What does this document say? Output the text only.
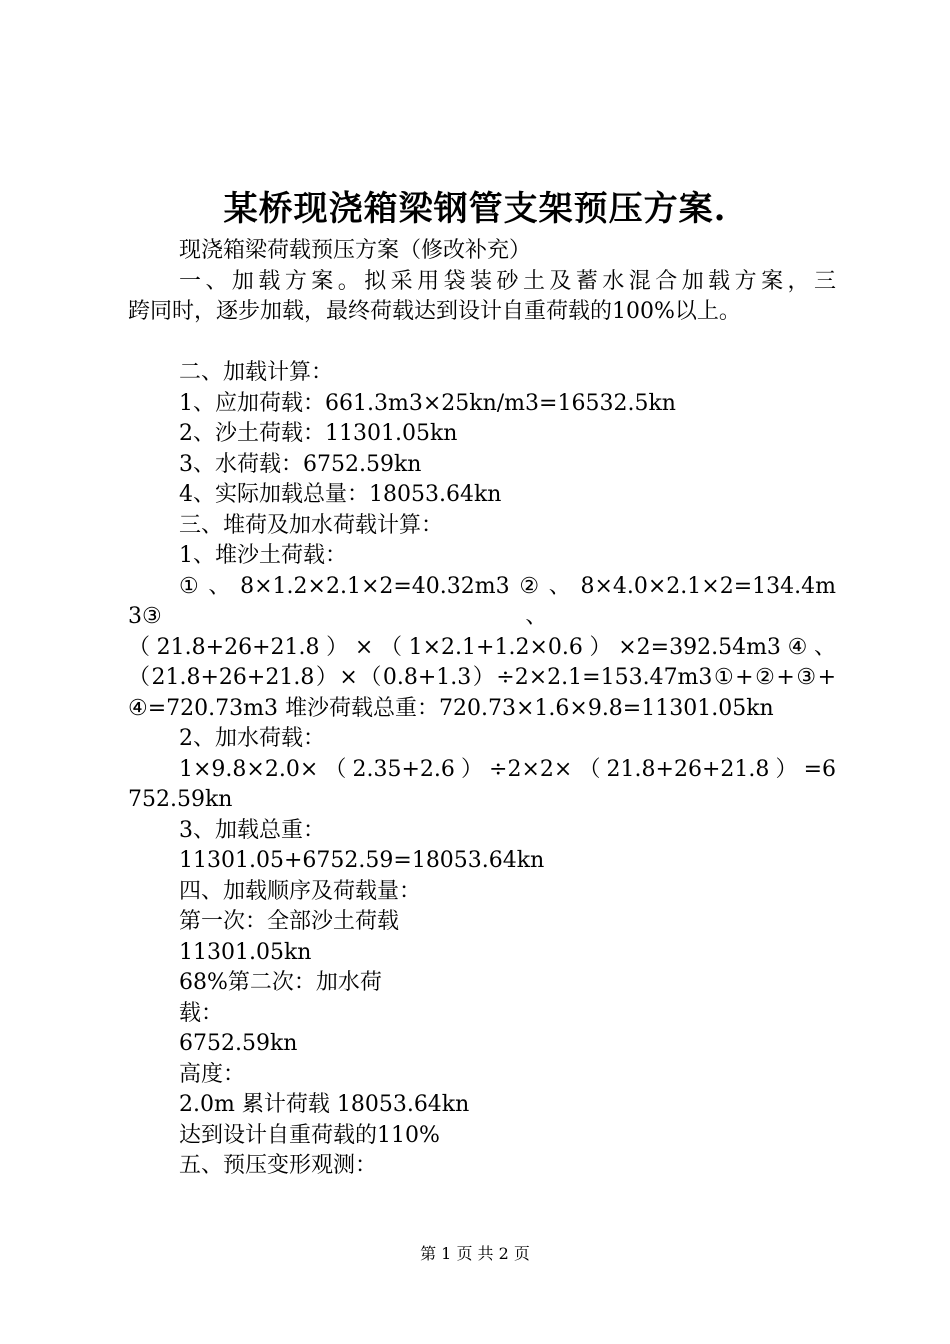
某桥现浇箱梁钢管支架预压方案.
现浇箱梁荷载预压方案（修改补充）
一、加载方案。拟采用袋装砂土及蓄水混合加载方案，三
跨同时，逐步加载，最终荷载达到设计自重荷载的100%以上。
二、加载计算：
1、应加荷载：661.3m3×25kn/m3=16532.5kn
2、沙土荷载：11301.05kn
3、水荷载：6752.59kn
4、实际加载总量：18053.64kn
三、堆荷及加水荷载计算：
1、堆沙土荷载：
①、8×1.2×2.1×2=40.32m3②、8×4.0×2.1×2=134.4m
3③                                                    、
（21.8+26+21.8）×（1×2.1+1.2×0.6）×2=392.54m3④、
（21.8+26+21.8）×（0.8+1.3）÷2×2.1=153.47m3①+②+③+
④=720.73m3 堆沙荷载总重：720.73×1.6×9.8=11301.05kn
2、加水荷载：
1×9.8×2.0×（2.35+2.6）÷2×2×（21.8+26+21.8）=6
752.59kn
3、加载总重：
11301.05+6752.59=18053.64kn
四、加载顺序及荷载量：
第一次：全部沙土荷载
11301.05kn
68%第二次：加水荷
载：
6752.59kn
高度：
2.0m 累计荷载 18053.64kn
达到设计自重荷载的110%
五、预压变形观测：
第 1 页 共 2 页
